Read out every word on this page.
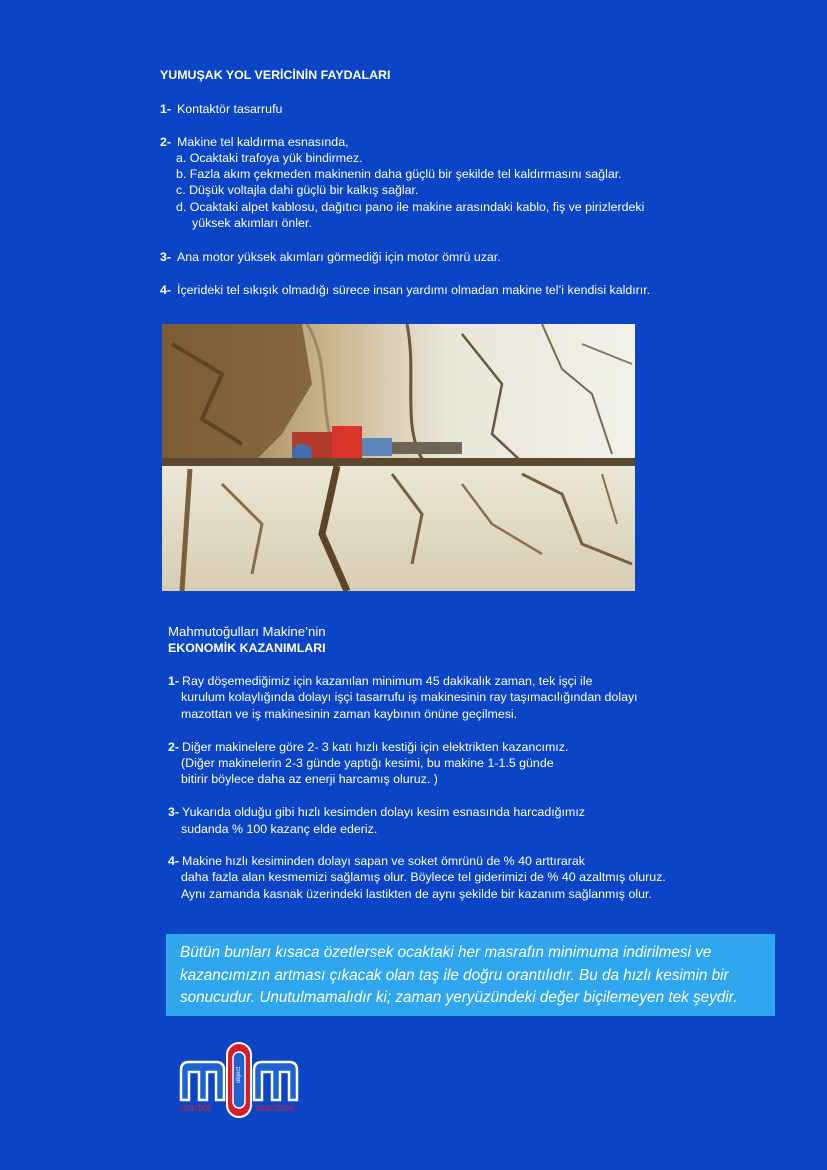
YUMUŞAK YOL VERİCİNİN FAYDALARI
1- Kontaktör tasarrufu
2- Makine tel kaldırma esnasında,
a. Ocaktaki trafoya yük bindirmez.
b. Fazla akım çekmeden makinenin daha güçlü bir şekilde tel kaldırmasını sağlar.
c. Düşük voltajla dahi güçlü bir kalkış sağlar.
d. Ocaktaki alpet kablosu, dağıtıcı pano ile makine arasındaki kablo, fiş ve pirizlerdeki
yüksek akımları önler.
3- Ana motor yüksek akımları görmediği için motor ömrü uzar.
4- İçerideki tel sıkışık olmadığı sürece insan yardımı olmadan makine tel’i kendisi kaldırır.
Mahmutoğulları Makine’nin
EKONOMİK KAZANIMLARI
1- Ray döşemediğimiz için kazanılan minimum 45 dakikalık zaman, tek işçi ile
kurulum kolaylığında dolayı işçi tasarrufu iş makinesinin ray taşımacılığından dolayı
mazottan ve iş makinesinin zaman kaybının önüne geçilmesi.
2- Diğer makinelere göre 2- 3 katı hızlı kestiği için elektrikten kazancımız.
(Diğer makinelerin 2-3 günde yaptığı kesimi, bu makine 1-1.5 günde
bitirir böylece daha az enerji harcamış oluruz. )
3- Yukarıda olduğu gibi hızlı kesimden dolayı kesim esnasında harcadığımız
sudanda % 100 kazanç elde ederiz.
4- Makine hızlı kesiminden dolayı sapan ve soket ömrünü de % 40 arttırarak
daha fazla alan kesmemizi sağlamış olur. Böylece tel giderimizi de % 40 azaltmış oluruz.
Aynı zamanda kasnak üzerindeki lastikten de aynı şekilde bir kazanım sağlanmış olur.

Bütün bunları kısaca özetlersek ocaktaki her masrafın minimuma indirilmesi ve

kazancımızın artması çıkacak olan taş ile doğru orantılıdır. Bu da hızlı kesimin bir

sonucudur. Unutulmamalıdır ki; zaman yeryüzündeki değer biçilemeyen tek şeydir.

marble	machine
object
